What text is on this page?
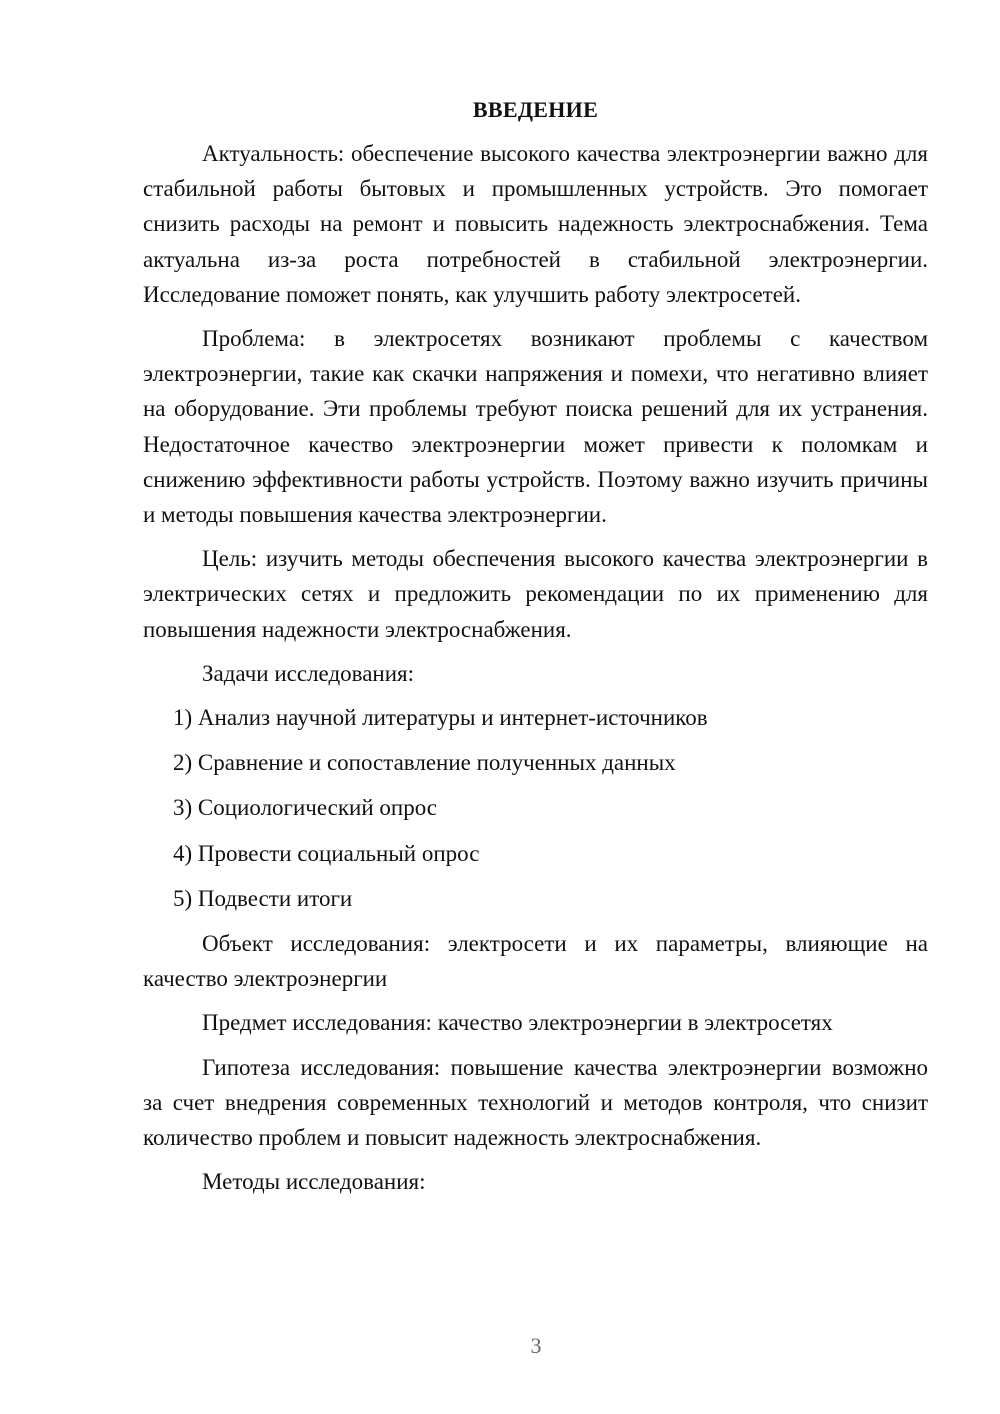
ВВЕДЕНИЕ

Актуальность: обеспечение высокого качества электроэнергии важно для стабильной работы бытовых и промышленных устройств. Это помогает снизить расходы на ремонт и повысить надежность электроснабжения. Тема актуальна из-за роста потребностей в стабильной электроэнергии. Исследование поможет понять, как улучшить работу электросетей.

Проблема: в электросетях возникают проблемы с качеством электроэнергии, такие как скачки напряжения и помехи, что негативно влияет на оборудование. Эти проблемы требуют поиска решений для их устранения. Недостаточное качество электроэнергии может привести к поломкам и снижению эффективности работы устройств. Поэтому важно изучить причины и методы повышения качества электроэнергии.

Цель: изучить методы обеспечения высокого качества электроэнергии в электрических сетях и предложить рекомендации по их применению для повышения надежности электроснабжения.

Задачи исследования:

1) Анализ научной литературы и интернет-источников
2) Сравнение и сопоставление полученных данных
3) Социологический опрос
4) Провести социальный опрос
5) Подвести итоги

Объект исследования: электросети и их параметры, влияющие на качество электроэнергии

Предмет исследования: качество электроэнергии в электросетях

Гипотеза исследования: повышение качества электроэнергии возможно за счет внедрения современных технологий и методов контроля, что снизит количество проблем и повысит надежность электроснабжения.

Методы исследования:

3
